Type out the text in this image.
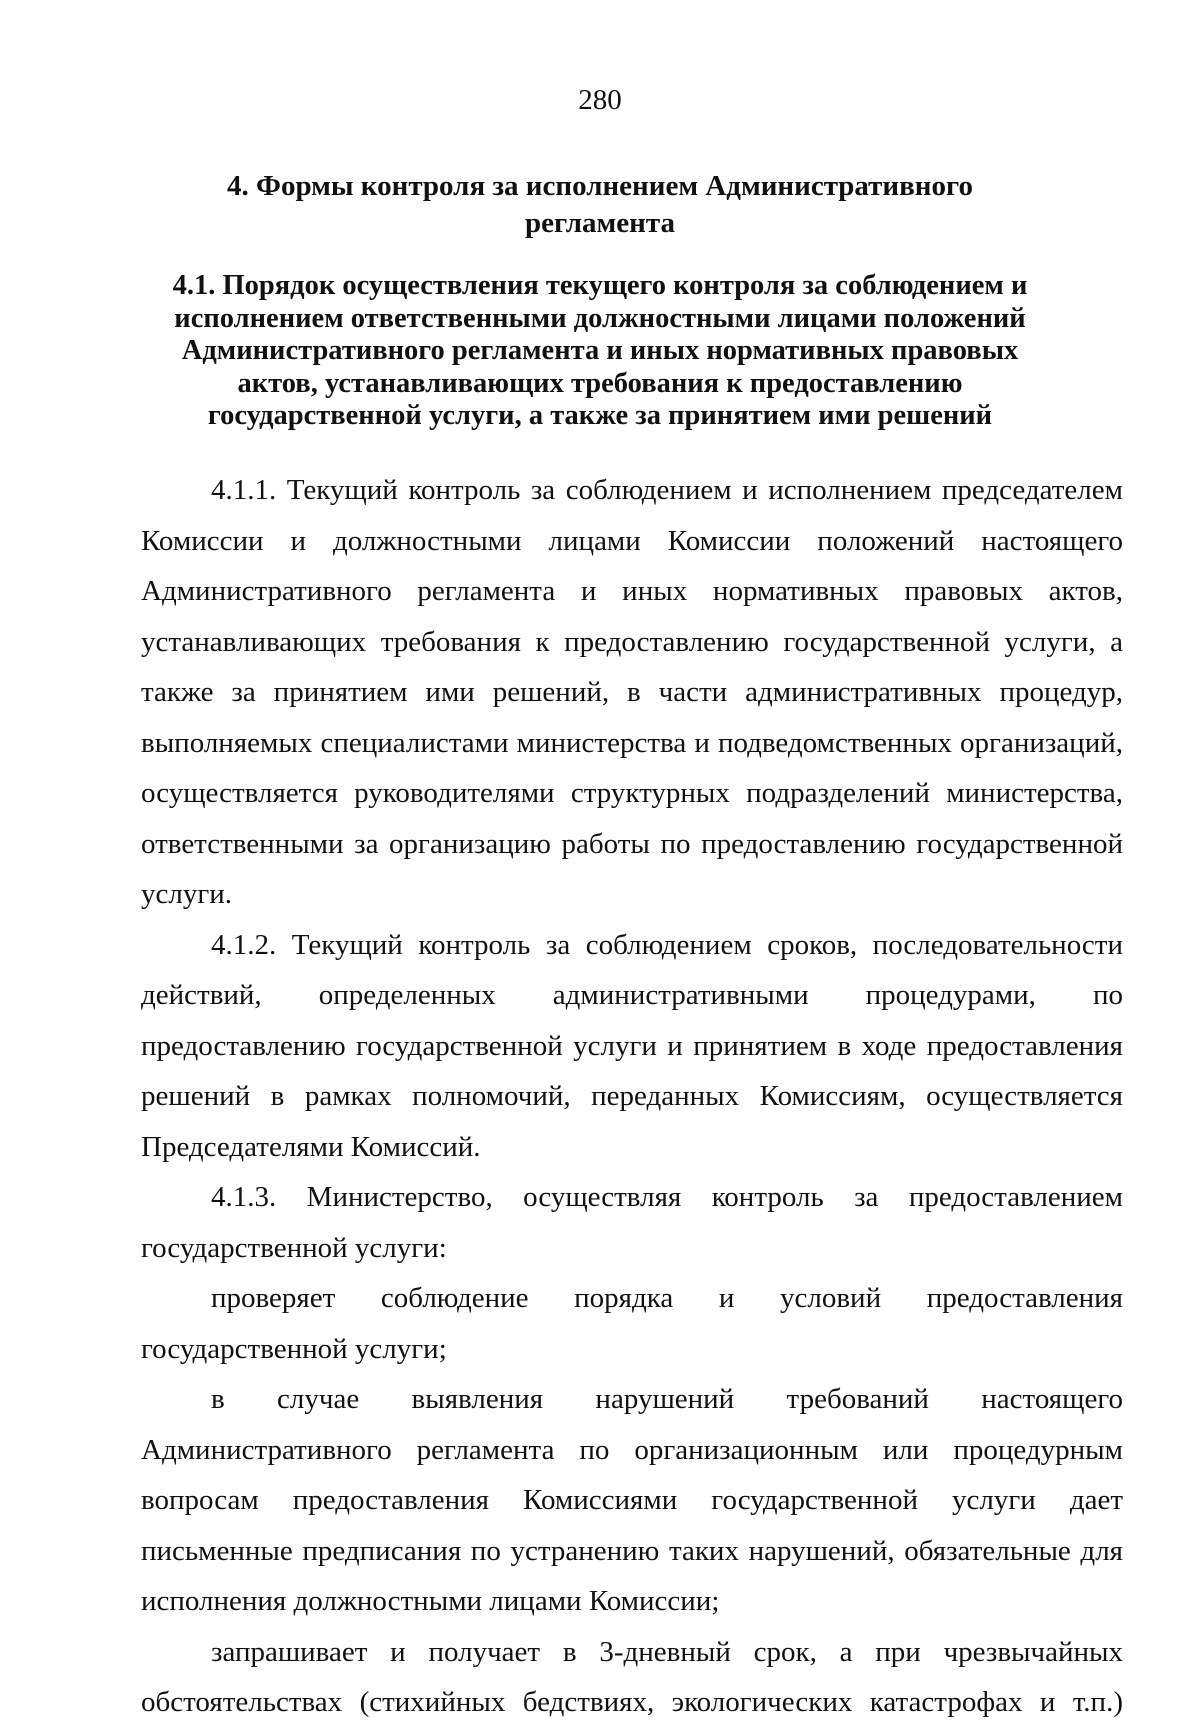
280
4. Формы контроля за исполнением Административного регламента
4.1. Порядок осуществления текущего контроля за соблюдением и исполнением ответственными должностными лицами положений Административного регламента и иных нормативных правовых актов, устанавливающих требования к предоставлению государственной услуги, а также за принятием ими решений

4.1.1. Текущий контроль за соблюдением и исполнением председателем Комиссии и должностными лицами Комиссии положений настоящего Административного регламента и иных нормативных правовых актов, устанавливающих требования к предоставлению государственной услуги, а также за принятием ими решений, в части административных процедур, выполняемых специалистами министерства и подведомственных организаций, осуществляется руководителями структурных подразделений министерства, ответственными за организацию работы по предоставлению государственной услуги.

4.1.2. Текущий контроль за соблюдением сроков, последовательности действий, определенных административными процедурами, по предоставлению государственной услуги и принятием в ходе предоставления решений в рамках полномочий, переданных Комиссиям, осуществляется Председателями Комиссий.

4.1.3. Министерство, осуществляя контроль за предоставлением государственной услуги:

проверяет соблюдение порядка и условий предоставления государственной услуги;

в случае выявления нарушений требований настоящего Административного регламента по организационным или процедурным вопросам предоставления Комиссиями государственной услуги дает письменные предписания по устранению таких нарушений, обязательные для исполнения должностными лицами Комиссии;

запрашивает и получает в 3-дневный срок, а при чрезвычайных обстоятельствах (стихийных бедствиях, экологических катастрофах и т.п.)
